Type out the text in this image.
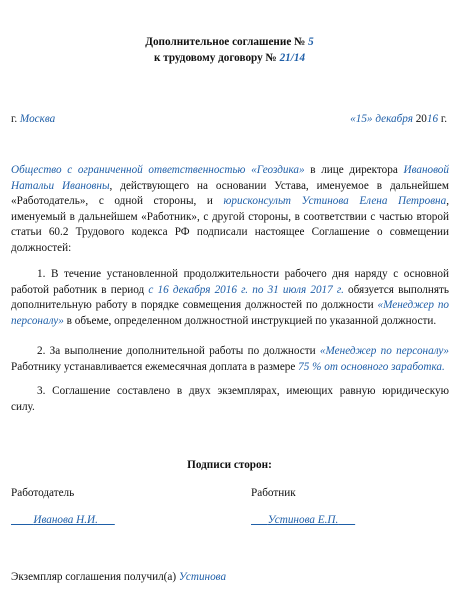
Дополнительное соглашение № 5
к трудовому договору № 21/14
г. Москва	«15» декабря 2016 г.
Общество с ограниченной ответственностью «Геоздика» в лице директора Ивановой
Натальи Ивановны, действующего на основании Устава, именуемое в дальнейшем
«Работодатель», с одной стороны, и юрисконсульт Устинова Елена Петровна,
именуемый в дальнейшем «Работник», с другой стороны, в соответствии с частью второй
статьи 60.2 Трудового кодекса РФ подписали настоящее Соглашение о совмещении
должностей:
1. В течение установленной продолжительности рабочего дня наряду с основной
работой работник в период с 16 декабря 2016 г. по 31 июля 2017 г. обязуется выполнять
дополнительную работу в порядке совмещения должностей по должности «Менеджер по
персоналу» в объеме, определенном должностной инструкцией по указанной должности.
2. За выполнение дополнительной работы по должности «Менеджер по персоналу»
Работнику устанавливается ежемесячная доплата в размере 75 % от основного заработка.
3. Соглашение составлено в двух экземплярах, имеющих равную юридическую
силу.
Подписи сторон:
Работодатель	Работник
Иванова Н.И.___	Устинова Е.П.___
Экземпляр соглашения получил(а) Устинова
